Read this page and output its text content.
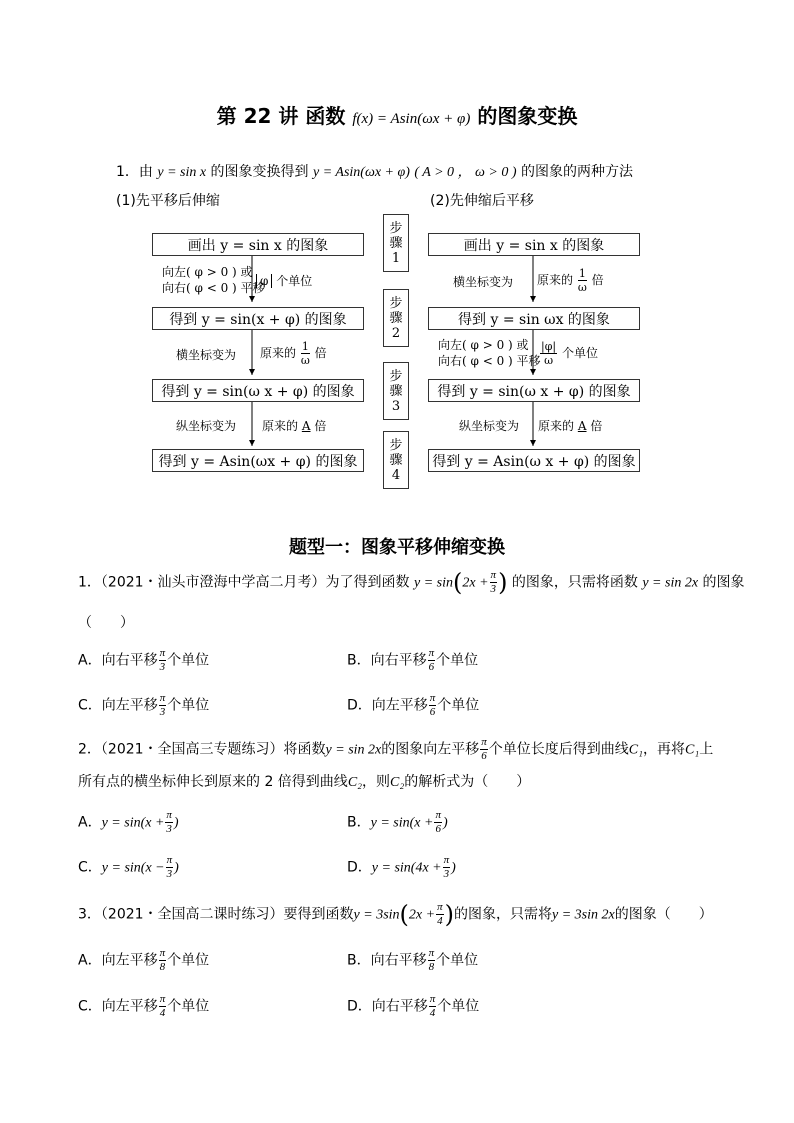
第 22 讲 函数 f(x) = Asin(ωx + φ) 的图象变换
1．由 y = sin x 的图象变换得到 y = Asin(ωx + φ) ( A > 0 ， ω > 0 ) 的图象的两种方法
(1)先平移后伸缩	(2)先伸缩后平移
画出 y = sin x 的图象
得到 y = sin(x + φ) 的图象
得到 y = sin(ω x + φ) 的图象
得到 y = Asin(ωx + φ) 的图象
画出 y = sin x 的图象
得到 y = sin ωx 的图象
得到 y = sin(ω x + φ) 的图象
得到 y = Asin(ω x + φ) 的图象
步
骤
1
步
骤
2
步
骤
3
步
骤
4
向左( φ > 0 ) 或
向右( φ < 0 ) 平移
φ 个单位
横坐标变为 原来的 $\frac{1}{\omega}$ 倍
纵坐标变为 原来的 A 倍
横坐标变为 原来的 $\frac{1}{\omega}$ 倍
向左( φ > 0 ) 或
向右( φ < 0 ) 平移 $\frac{|\varphi|}{\omega}$ 个单位
纵坐标变为 原来的 A 倍
题型一：图象平移伸缩变换
1．（2021・汕头市澄海中学高二月考）为了得到函数 $y = \sin(2x + \frac{\pi}{3}$ ) 的图象，只需将函数 y = sin 2x 的图象
（　　）
A．向右平移 $\frac{\pi}{3}$ 个单位	B．向右平移 $\frac{\pi}{6}$ 个单位
C．向左平移 $\frac{\pi}{3}$ 个单位	D．向左平移 $\frac{\pi}{6}$ 个单位
2．（2021・全国高三专题练习）将函数y = sin 2x的图象向左平移 $\frac{\pi}{6}$ 个单位长度后得到曲线C₁，再将C₁上
所有点的横坐标伸长到原来的 2 倍得到曲线C₂，则C₂的解析式为（　　）
A．$y = \sin(x + \frac{\pi}{3}$ )	B．$y = \sin(x + \frac{\pi}{6}$ )
C．$y = \sin(x - \frac{\pi}{3}$ )	D．$y = \sin(4x + \frac{\pi}{3}$ )
3．（2021・全国高二课时练习）要得到函数$y = 3\sin(2x + \frac{\pi}{4}$ )的图象，只需将y = 3sin 2x的图象（　　）
A．向左平移 $\frac{\pi}{8}$ 个单位	B．向右平移 $\frac{\pi}{8}$ 个单位
C．向左平移 $\frac{\pi}{4}$ 个单位	D．向右平移 $\frac{\pi}{4}$ 个单位
